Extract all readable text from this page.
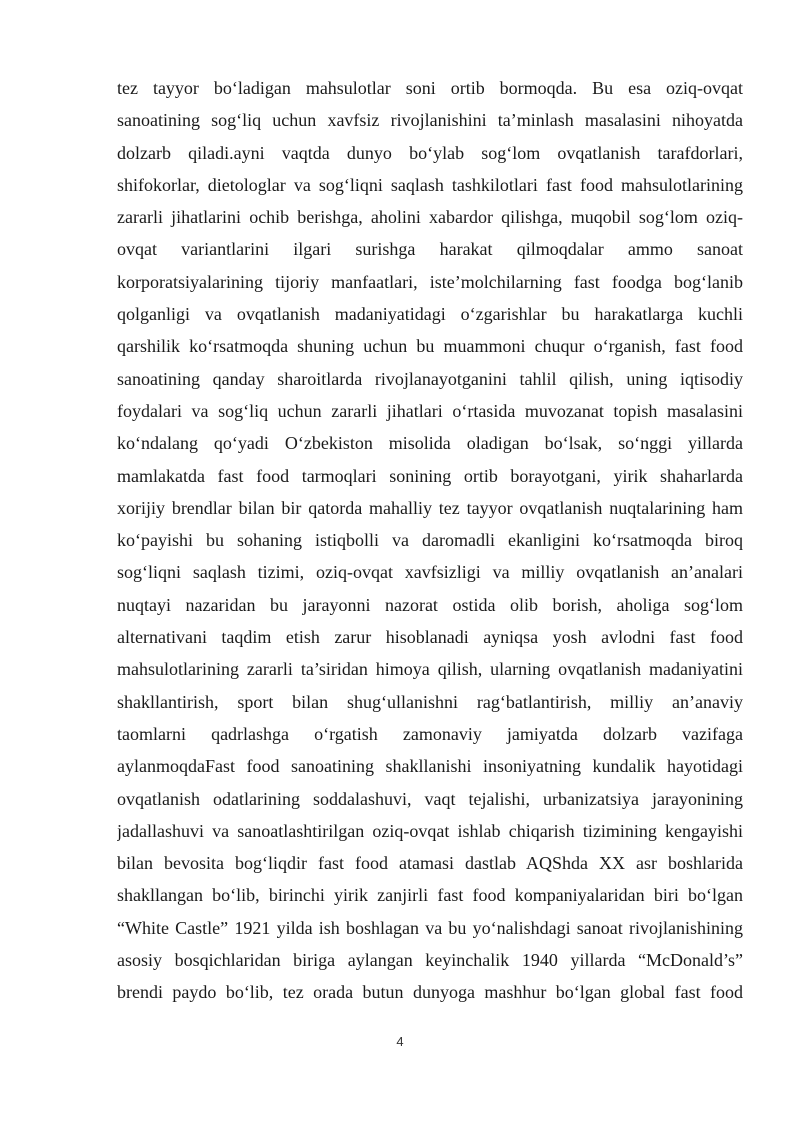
tez tayyor bo‘ladigan mahsulotlar soni ortib bormoqda. Bu esa oziq-ovqat
sanoatining sog‘liq uchun xavfsiz rivojlanishini ta’minlash masalasini nihoyatda
dolzarb qiladi.ayni vaqtda dunyo bo‘ylab sog‘lom ovqatlanish tarafdorlari,
shifokorlar, dietologlar va sog‘liqni saqlash tashkilotlari fast food mahsulotlarining
zararli jihatlarini ochib berishga, aholini xabardor qilishga, muqobil sog‘lom oziq-
ovqat variantlarini ilgari surishga harakat qilmoqdalar ammo sanoat
korporatsiyalarining tijoriy manfaatlari, iste’molchilarning fast foodga bog‘lanib
qolganligi va ovqatlanish madaniyatidagi o‘zgarishlar bu harakatlarga kuchli
qarshilik ko‘rsatmoqda shuning uchun bu muammoni chuqur o‘rganish, fast food
sanoatining qanday sharoitlarda rivojlanayotganini tahlil qilish, uning iqtisodiy
foydalari va sog‘liq uchun zararli jihatlari o‘rtasida muvozanat topish masalasini
ko‘ndalang qo‘yadi O‘zbekiston misolida oladigan bo‘lsak, so‘nggi yillarda
mamlakatda fast food tarmoqlari sonining ortib borayotgani, yirik shaharlarda
xorijiy brendlar bilan bir qatorda mahalliy tez tayyor ovqatlanish nuqtalarining ham
ko‘payishi bu sohaning istiqbolli va daromadli ekanligini ko‘rsatmoqda biroq
sog‘liqni saqlash tizimi, oziq-ovqat xavfsizligi va milliy ovqatlanish an’analari
nuqtayi nazaridan bu jarayonni nazorat ostida olib borish, aholiga sog‘lom
alternativani taqdim etish zarur hisoblanadi ayniqsa yosh avlodni fast food
mahsulotlarining zararli ta’siridan himoya qilish, ularning ovqatlanish madaniyatini
shakllantirish, sport bilan shug‘ullanishni rag‘batlantirish, milliy an’anaviy
taomlarni qadrlashga o‘rgatish zamonaviy jamiyatda dolzarb vazifaga
aylanmoqdaFast food sanoatining shakllanishi insoniyatning kundalik hayotidagi
ovqatlanish odatlarining soddalashuvi, vaqt tejalishi, urbanizatsiya jarayonining
jadallashuvi va sanoatlashtirilgan oziq-ovqat ishlab chiqarish tizimining kengayishi
bilan bevosita bog‘liqdir fast food atamasi dastlab AQShda XX asr boshlarida
shakllangan bo‘lib, birinchi yirik zanjirli fast food kompaniyalaridan biri bo‘lgan
“White Castle” 1921 yilda ish boshlagan va bu yo‘nalishdagi sanoat rivojlanishining
asosiy bosqichlaridan biriga aylangan keyinchalik 1940 yillarda “McDonald’s”
brendi paydo bo‘lib, tez orada butun dunyoga mashhur bo‘lgan global fast food
4
